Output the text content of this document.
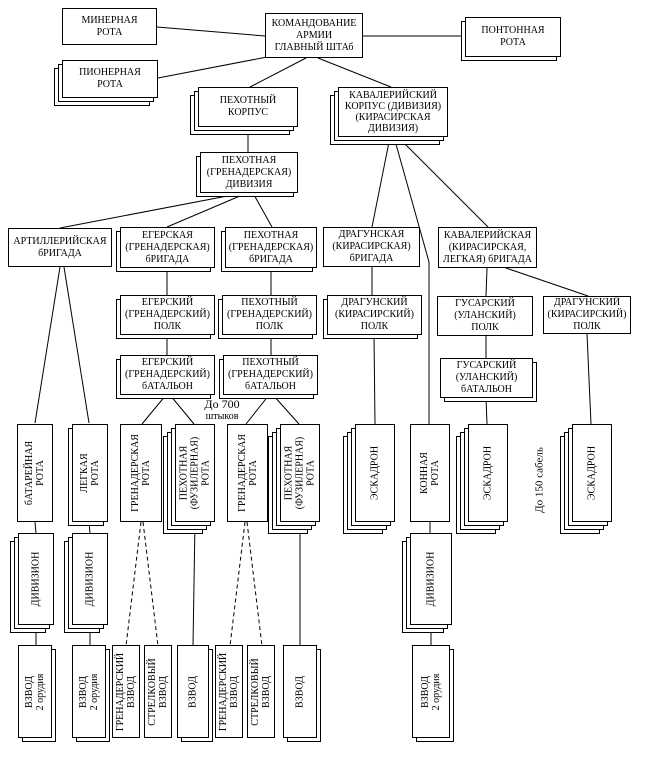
МИНЕРНАЯ
РОТА
КОМАНДОВАНИЕ
АРМИИ
ГЛАВНЫЙ ШТАб
ПОНТОННАЯ
РОТА
ПИОНЕРНАЯ
РОТА
ПЕХОТНЫЙ
КОРПУС
КАВАЛЕРИЙСКИЙ
КОРПУС (ДИВИЗИЯ)
(КИРАСИРСКАЯ
ДИВИЗИЯ)
ПЕХОТНАЯ
(ГРЕНАДЕРСКАЯ)
ДИВИЗИЯ
АРТИЛЛЕРИЙСКАЯ
бРИГАДА
ЕГЕРСКАЯ
(ГРЕНАДЕРСКАЯ)
бРИГАДА
ПЕХОТНАЯ
(ГРЕНАДЕРСКАЯ)
бРИГАДА
ДРАГУНСКАЯ
(КИРАСИРСКАЯ)
бРИГАДА
КАВАЛЕРИЙСКАЯ
(КИРАСИРСКАЯ,
ЛЕГКАЯ) бРИГАДА
ЕГЕРСКИЙ
(ГРЕНАДЕРСКИЙ)
ПОЛК
ПЕХОТНЫЙ
(ГРЕНАДЕРСКИЙ)
ПОЛК
ДРАГУНСКИЙ
(КИРАСИРСКИЙ)
ПОЛК
ГУСАРСКИЙ
(УЛАНСКИЙ)
ПОЛК
ДРАГУНСКИЙ
(КИРАСИРСКИЙ)
ПОЛК
ЕГЕРСКИЙ
(ГРЕНАДЕРСКИЙ)
бАТАЛЬОН
ПЕХОТНЫЙ
(ГРЕНАДЕРСКИЙ)
бАТАЛЬОН
ГУСАРСКИЙ
(УЛАНСКИЙ)
бАТАЛЬОН
До 700
штыков
бАТАРЕЙНАЯ
РОТА	ЛЕГКАЯ
РОТА	ГРЕНАДЕРСКАЯ
РОТА	ПЕХОТНАЯ
(ФУЗИЛЕРНАЯ)
РОТА	ГРЕНАДЕРСКАЯ
РОТА	ПЕХОТНАЯ
(ФУЗИЛЕРНАЯ)
РОТА	ЭСКАДРОН	КОННАЯ
РОТА	ЭСКАДРОН	До 150 сабель	ЭСКАДРОН
ДИВИЗИОН	ДИВИЗИОН	ДИВИЗИОН
ВЗВОД
2 орудия	ВЗВОД
2 орудия ГРЕНАДЕРСКИЙ
ВЗВОД СТРЕЛКОВЫЙ
ВЗВОД ВЗВОД ГРЕНАДЕРСКИЙ
ВЗВОД СТРЕЛКОВЫЙ
ВЗВОД ВЗВОД	ВЗВОД
2 орудия
